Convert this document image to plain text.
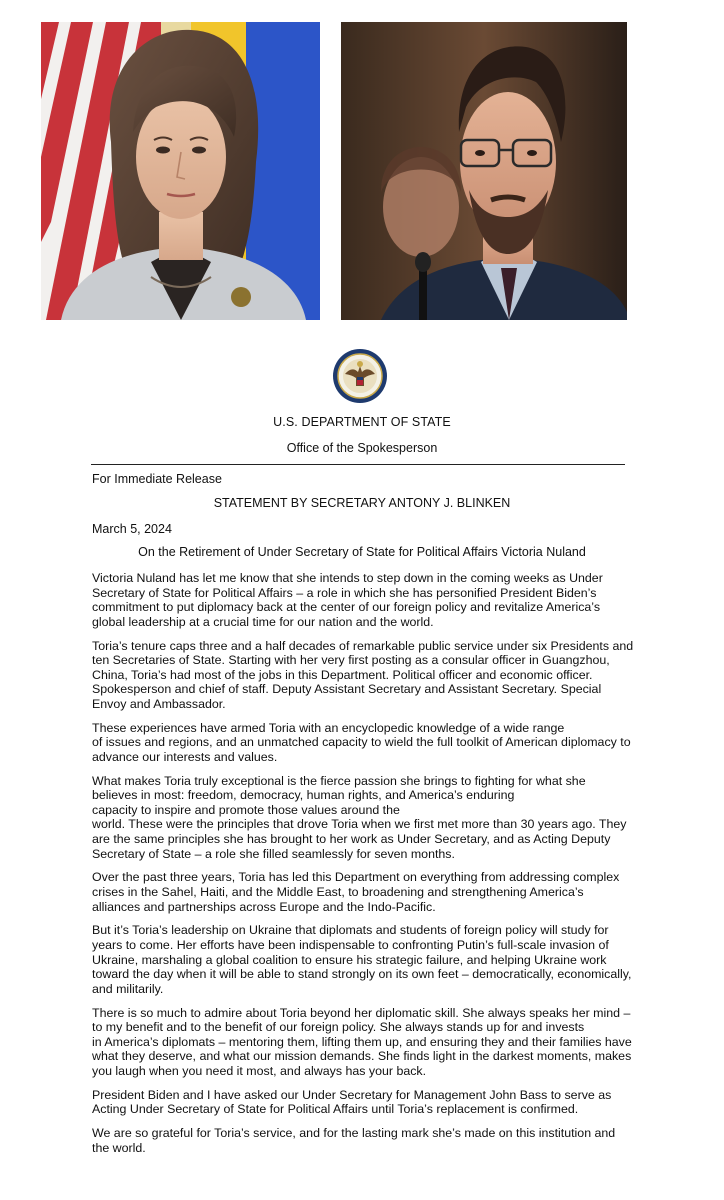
U.S. DEPARTMENT OF STATE
Office of the Spokesperson
For Immediate Release
STATEMENT BY SECRETARY ANTONY J. BLINKEN
March 5, 2024
On the Retirement of Under Secretary of State for Political Affairs Victoria Nuland

Victoria Nuland has let me know that she intends to step down in the coming weeks as Under
Secretary of State for Political Affairs – a role in which she has personified President Biden’s
commitment to put diplomacy back at the center of our foreign policy and revitalize America’s
global leadership at a crucial time for our nation and the world.

Toria’s tenure caps three and a half decades of remarkable public service under six Presidents and
ten Secretaries of State. Starting with her very first posting as a consular officer in Guangzhou,
China, Toria’s had most of the jobs in this Department. Political officer and economic officer.
Spokesperson and chief of staff. Deputy Assistant Secretary and Assistant Secretary. Special
Envoy and Ambassador.

These experiences have armed Toria with an encyclopedic knowledge of a wide range
of issues and regions, and an unmatched capacity to wield the full toolkit of American diplomacy to
advance our interests and values.

What makes Toria truly exceptional is the fierce passion she brings to fighting for what she
believes in most: freedom, democracy, human rights, and America’s enduring
capacity to inspire and promote those values around the
world. These were the principles that drove Toria when we first met more than 30 years ago. They
are the same principles she has brought to her work as Under Secretary, and as Acting Deputy
Secretary of State – a role she filled seamlessly for seven months.

Over the past three years, Toria has led this Department on everything from addressing complex
crises in the Sahel, Haiti, and the Middle East, to broadening and strengthening America’s
alliances and partnerships across Europe and the Indo-Pacific.

But it’s Toria’s leadership on Ukraine that diplomats and students of foreign policy will study for
years to come. Her efforts have been indispensable to confronting Putin’s full-scale invasion of
Ukraine, marshaling a global coalition to ensure his strategic failure, and helping Ukraine work
toward the day when it will be able to stand strongly on its own feet – democratically, economically,
and militarily.

There is so much to admire about Toria beyond her diplomatic skill. She always speaks her mind –
to my benefit and to the benefit of our foreign policy. She always stands up for and invests
in America’s diplomats – mentoring them, lifting them up, and ensuring they and their families have
what they deserve, and what our mission demands. She finds light in the darkest moments, makes
you laugh when you need it most, and always has your back.

President Biden and I have asked our Under Secretary for Management John Bass to serve as
Acting Under Secretary of State for Political Affairs until Toria’s replacement is confirmed.

We are so grateful for Toria’s service, and for the lasting mark she’s made on this institution and
the world.
